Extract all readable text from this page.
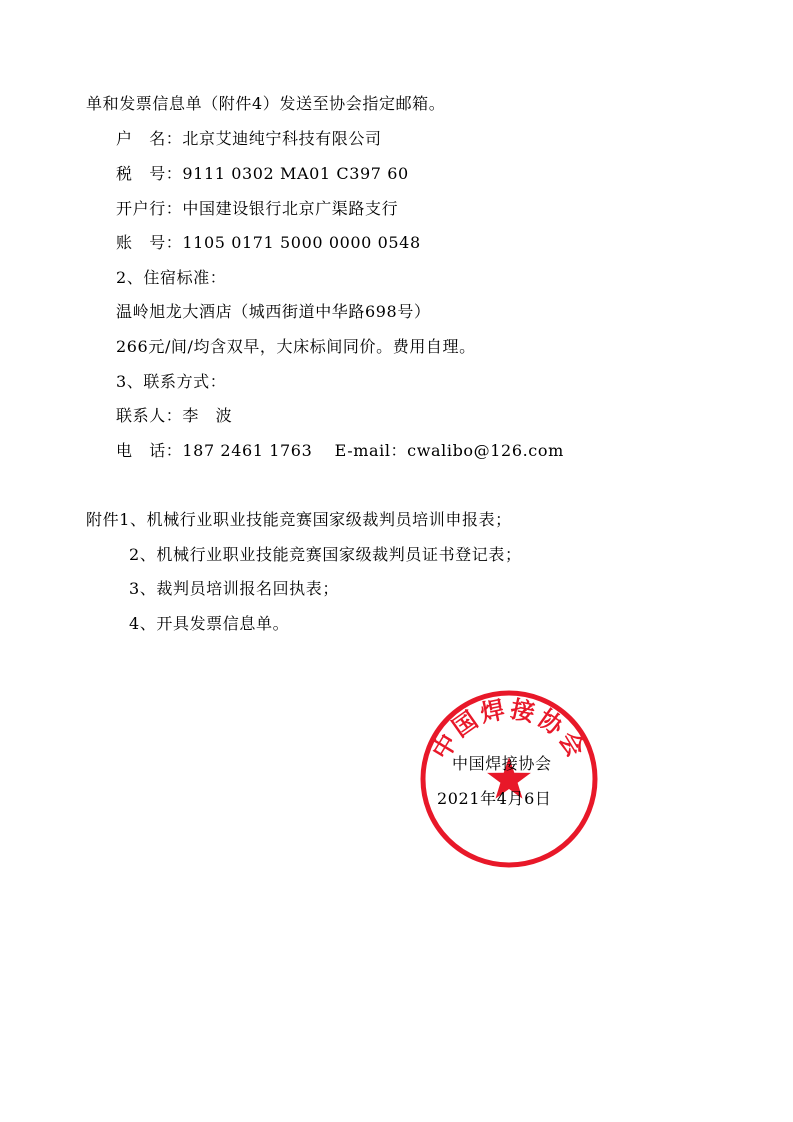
单和发票信息单（附件4）发送至协会指定邮箱。
户　名：北京艾迪纯宁科技有限公司
税　号：9111 0302 MA01 C397 60
开户行：中国建设银行北京广渠路支行
账　号：1105 0171 5000 0000 0548
2、住宿标准：
温岭旭龙大酒店（城西街道中华路698号）
266元/间/均含双早，大床标间同价。费用自理。
3、联系方式：
联系人：李　波
电　话：187 2461 1763　 E-mail：cwalibo@126.com
附件1、机械行业职业技能竞赛国家级裁判员培训申报表；
2、机械行业职业技能竞赛国家级裁判员证书登记表；
3、裁判员培训报名回执表；
4、开具发票信息单。
中国焊接协会
中国焊接协会
2021年4月6日
